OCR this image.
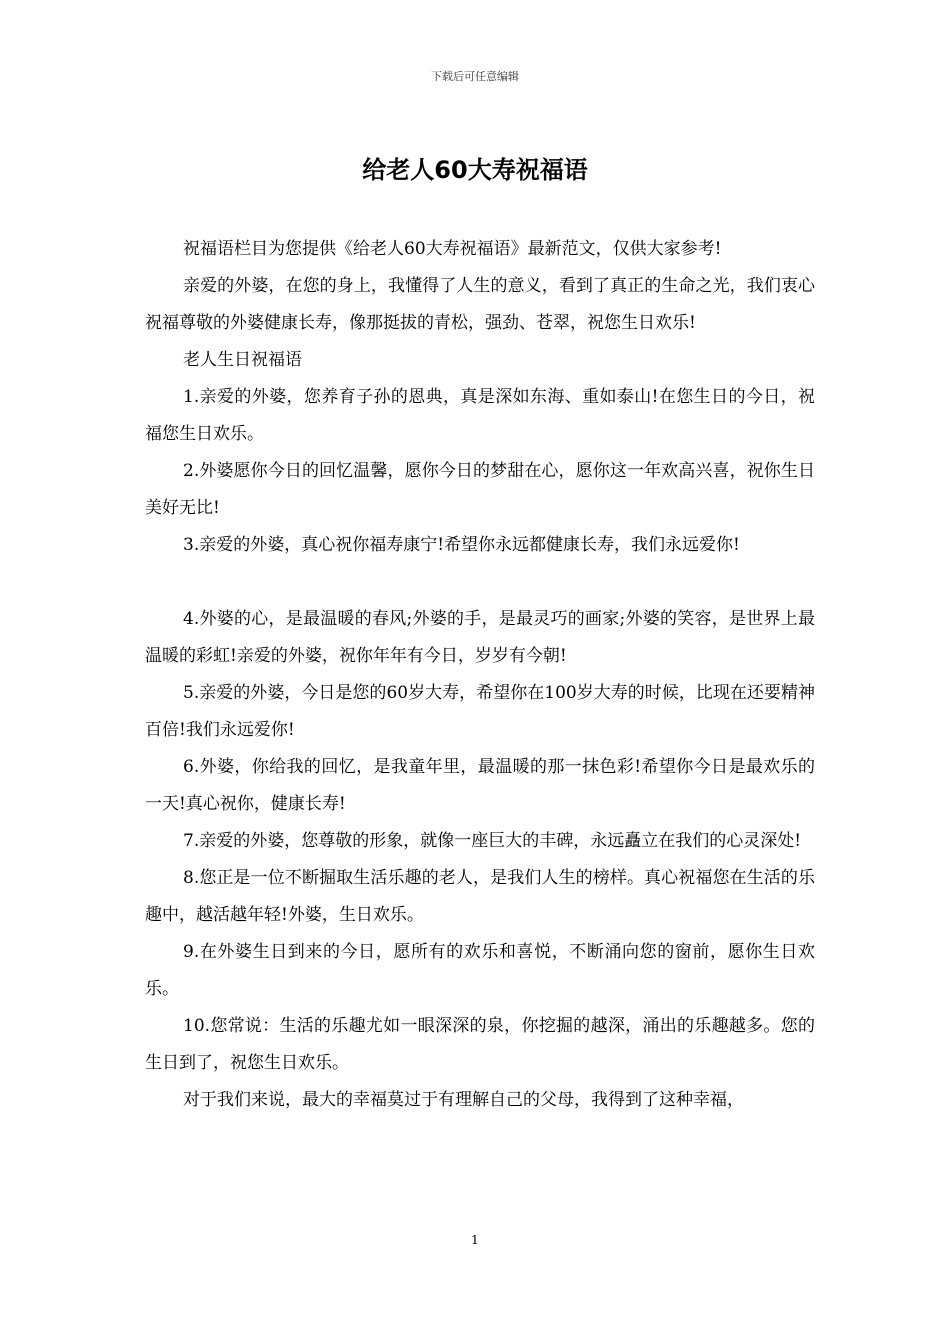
下载后可任意编辑
给老人60大寿祝福语

祝福语栏目为您提供《给老人60大寿祝福语》最新范文，仅供大家参考!

亲爱的外婆，在您的身上，我懂得了人生的意义，看到了真正的生命之光，我们衷心祝福尊敬的外婆健康长寿，像那挺拔的青松，强劲、苍翠，祝您生日欢乐!

老人生日祝福语

1.亲爱的外婆，您养育子孙的恩典，真是深如东海、重如泰山!在您生日的今日，祝福您生日欢乐。

2.外婆愿你今日的回忆温馨，愿你今日的梦甜在心，愿你这一年欢高兴喜，祝你生日美好无比!

3.亲爱的外婆，真心祝你福寿康宁!希望你永远都健康长寿，我们永远爱你!

4.外婆的心，是最温暖的春风;外婆的手，是最灵巧的画家;外婆的笑容，是世界上最温暖的彩虹!亲爱的外婆，祝你年年有今日，岁岁有今朝!

5.亲爱的外婆，今日是您的60岁大寿，希望你在100岁大寿的时候，比现在还要精神百倍!我们永远爱你!

6.外婆，你给我的回忆，是我童年里，最温暖的那一抹色彩!希望你今日是最欢乐的一天!真心祝你，健康长寿!

7.亲爱的外婆，您尊敬的形象，就像一座巨大的丰碑，永远矗立在我们的心灵深处!

8.您正是一位不断掘取生活乐趣的老人，是我们人生的榜样。真心祝福您在生活的乐趣中，越活越年轻!外婆，生日欢乐。

9.在外婆生日到来的今日，愿所有的欢乐和喜悦，不断涌向您的窗前，愿你生日欢乐。

10.您常说：生活的乐趣尤如一眼深深的泉，你挖掘的越深，涌出的乐趣越多。您的生日到了，祝您生日欢乐。

对于我们来说，最大的幸福莫过于有理解自己的父母，我得到了这种幸福，

1
